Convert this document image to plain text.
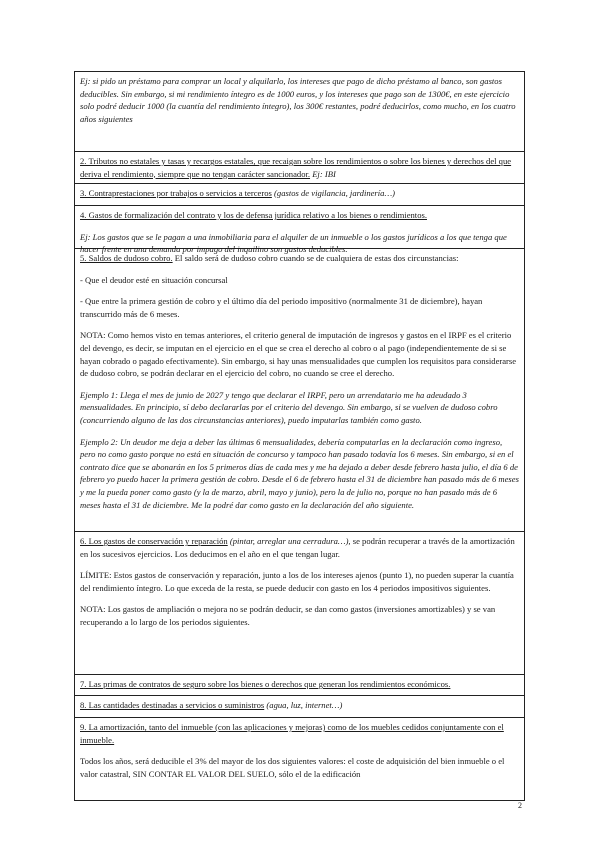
Ej: si pido un préstamo para comprar un local y alquilarlo, los intereses que pago de dicho préstamo al banco, son gastos deducibles. Sin embargo, si mi rendimiento íntegro es de 1000 euros, y los intereses que pago son de 1300€, en este ejercicio solo podré deducir 1000 (la cuantía del rendimiento íntegro), los 300€ restantes, podré deducirlos, como mucho, en los cuatro años siguientes

2. Tributos no estatales y tasas y recargos estatales, que recaigan sobre los rendimientos o sobre los bienes y derechos del que deriva el rendimiento, siempre que no tengan carácter sancionador. Ej: IBI

3. Contraprestaciones por trabajos o servicios a terceros (gastos de vigilancia, jardinería…)

4. Gastos de formalización del contrato y los de defensa jurídica relativo a los bienes o rendimientos.

Ej: Los gastos que se le pagan a una inmobiliaria para el alquiler de un inmueble o los gastos jurídicos a los que tenga que hacer frente en una demanda por impago del inquilino son gastos deducibles.

5. Saldos de dudoso cobro. El saldo será de dudoso cobro cuando se de cualquiera de estas dos circunstancias:

- Que el deudor esté en situación concursal

- Que entre la primera gestión de cobro y el último día del periodo impositivo (normalmente 31 de diciembre), hayan transcurrido más de 6 meses.

NOTA: Como hemos visto en temas anteriores, el criterio general de imputación de ingresos y gastos en el IRPF es el criterio del devengo, es decir, se imputan en el ejercicio en el que se crea el derecho al cobro o al pago (independientemente de si se hayan cobrado o pagado efectivamente). Sin embargo, si hay unas mensualidades que cumplen los requisitos para considerarse de dudoso cobro, se podrán declarar en el ejercicio del cobro, no cuando se cree el derecho.

Ejemplo 1: Llega el mes de junio de 2027 y tengo que declarar el IRPF, pero un arrendatario me ha adeudado 3 mensualidades. En principio, sí debo declararlas por el criterio del devengo. Sin embargo, si se vuelven de dudoso cobro (concurriendo alguno de las dos circunstancias anteriores), puedo imputarlas también como gasto.

Ejemplo 2: Un deudor me deja a deber las últimas 6 mensualidades, debería computarlas en la declaración como ingreso, pero no como gasto porque no está en situación de concurso y tampoco han pasado todavía los 6 meses. Sin embargo, si en el contrato dice que se abonarán en los 5 primeros días de cada mes y me ha dejado a deber desde febrero hasta julio, el día 6 de febrero yo puedo hacer la primera gestión de cobro. Desde el 6 de febrero hasta el 31 de diciembre han pasado más de 6 meses y me la pueda poner como gasto (y la de marzo, abril, mayo y junio), pero la de julio no, porque no han pasado más de 6 meses hasta el 31 de diciembre. Me la podré dar como gasto en la declaración del año siguiente.

6. Los gastos de conservación y reparación (pintar, arreglar una cerradura…), se podrán recuperar a través de la amortización en los sucesivos ejercicios. Los deducimos en el año en el que tengan lugar.

LÍMITE: Estos gastos de conservación y reparación, junto a los de los intereses ajenos (punto 1), no pueden superar la cuantía del rendimiento íntegro. Lo que exceda de la resta, se puede deducir con gasto en los 4 periodos impositivos siguientes.

NOTA: Los gastos de ampliación o mejora no se podrán deducir, se dan como gastos (inversiones amortizables) y se van recuperando a lo largo de los periodos siguientes.

7. Las primas de contratos de seguro sobre los bienes o derechos que generan los rendimientos económicos.

8. Las cantidades destinadas a servicios o suministros (agua, luz, internet…)

9. La amortización, tanto del inmueble (con las aplicaciones y mejoras) como de los muebles cedidos conjuntamente con el inmueble.

Todos los años, será deducible el 3% del mayor de los dos siguientes valores: el coste de adquisición del bien inmueble o el valor catastral, SIN CONTAR EL VALOR DEL SUELO, sólo el de la edificación

2
